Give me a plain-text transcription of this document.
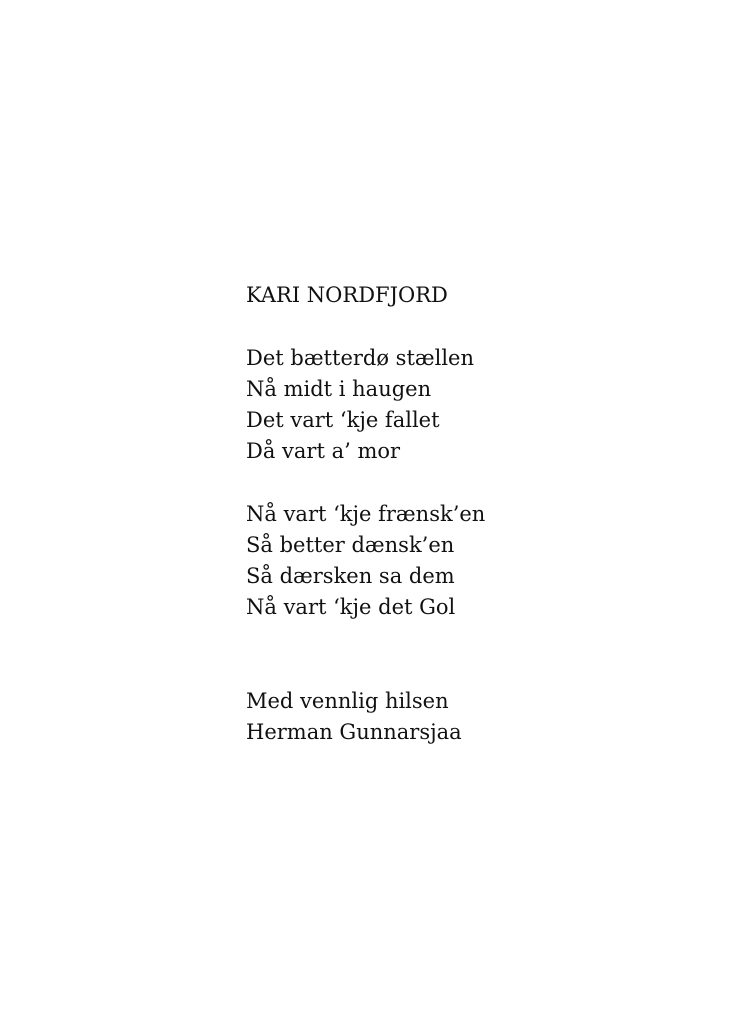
KARI NORDFJORD
Det bætterdø stællen
Nå midt i haugen
Det vart ‘kje fallet
Då vart a’ mor
Nå vart ‘kje frænsk’en
Så better dænsk’en
Så dærsken sa dem
Nå vart ‘kje det Gol
Med vennlig hilsen
Herman Gunnarsjaa
